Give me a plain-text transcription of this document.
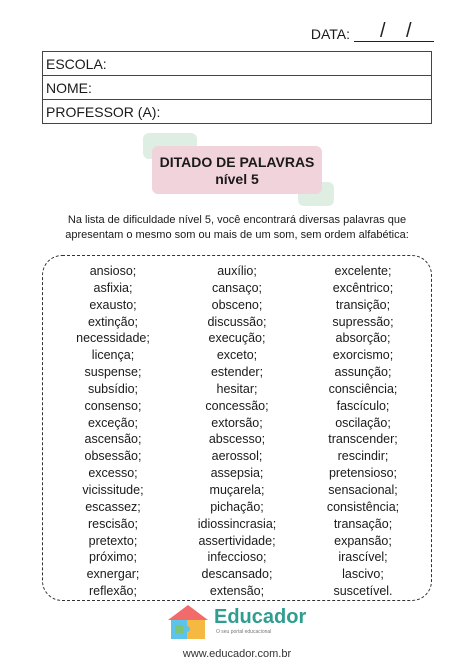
DATA: / /
ESCOLA:
NOME:
PROFESSOR (A):
DITADO DE PALAVRAS
nível 5

Na lista de dificuldade nível 5, você encontrará diversas palavras que

apresentam o mesmo som ou mais de um som, sem ordem alfabética:

ansioso;
asfixia;
exausto;
extinção;
necessidade;
licença;
suspense;
subsídio;
consenso;
exceção;
ascensão;
obsessão;
excesso;
vicissitude;
escassez;
rescisão;
pretexto;
próximo;
exnergar;
reflexão;
auxílio;
cansaço;
obsceno;
discussão;
execução;
exceto;
estender;
hesitar;
concessão;
extorsão;
abscesso;
aerossol;
assepsia;
muçarela;
pichação;
idiossincrasia;
assertividade;
infeccioso;
descansado;
extensão;
excelente;
excêntrico;
transição;
supressão;
absorção;
exorcismo;
assunção;
consciência;
fascículo;
oscilação;
transcender;
rescindir;
pretensioso;
sensacional;
consistência;
transação;
expansão;
irascível;
lascivo;
suscetível.
Educador
O seu portal educacional
www.educador.com.br
